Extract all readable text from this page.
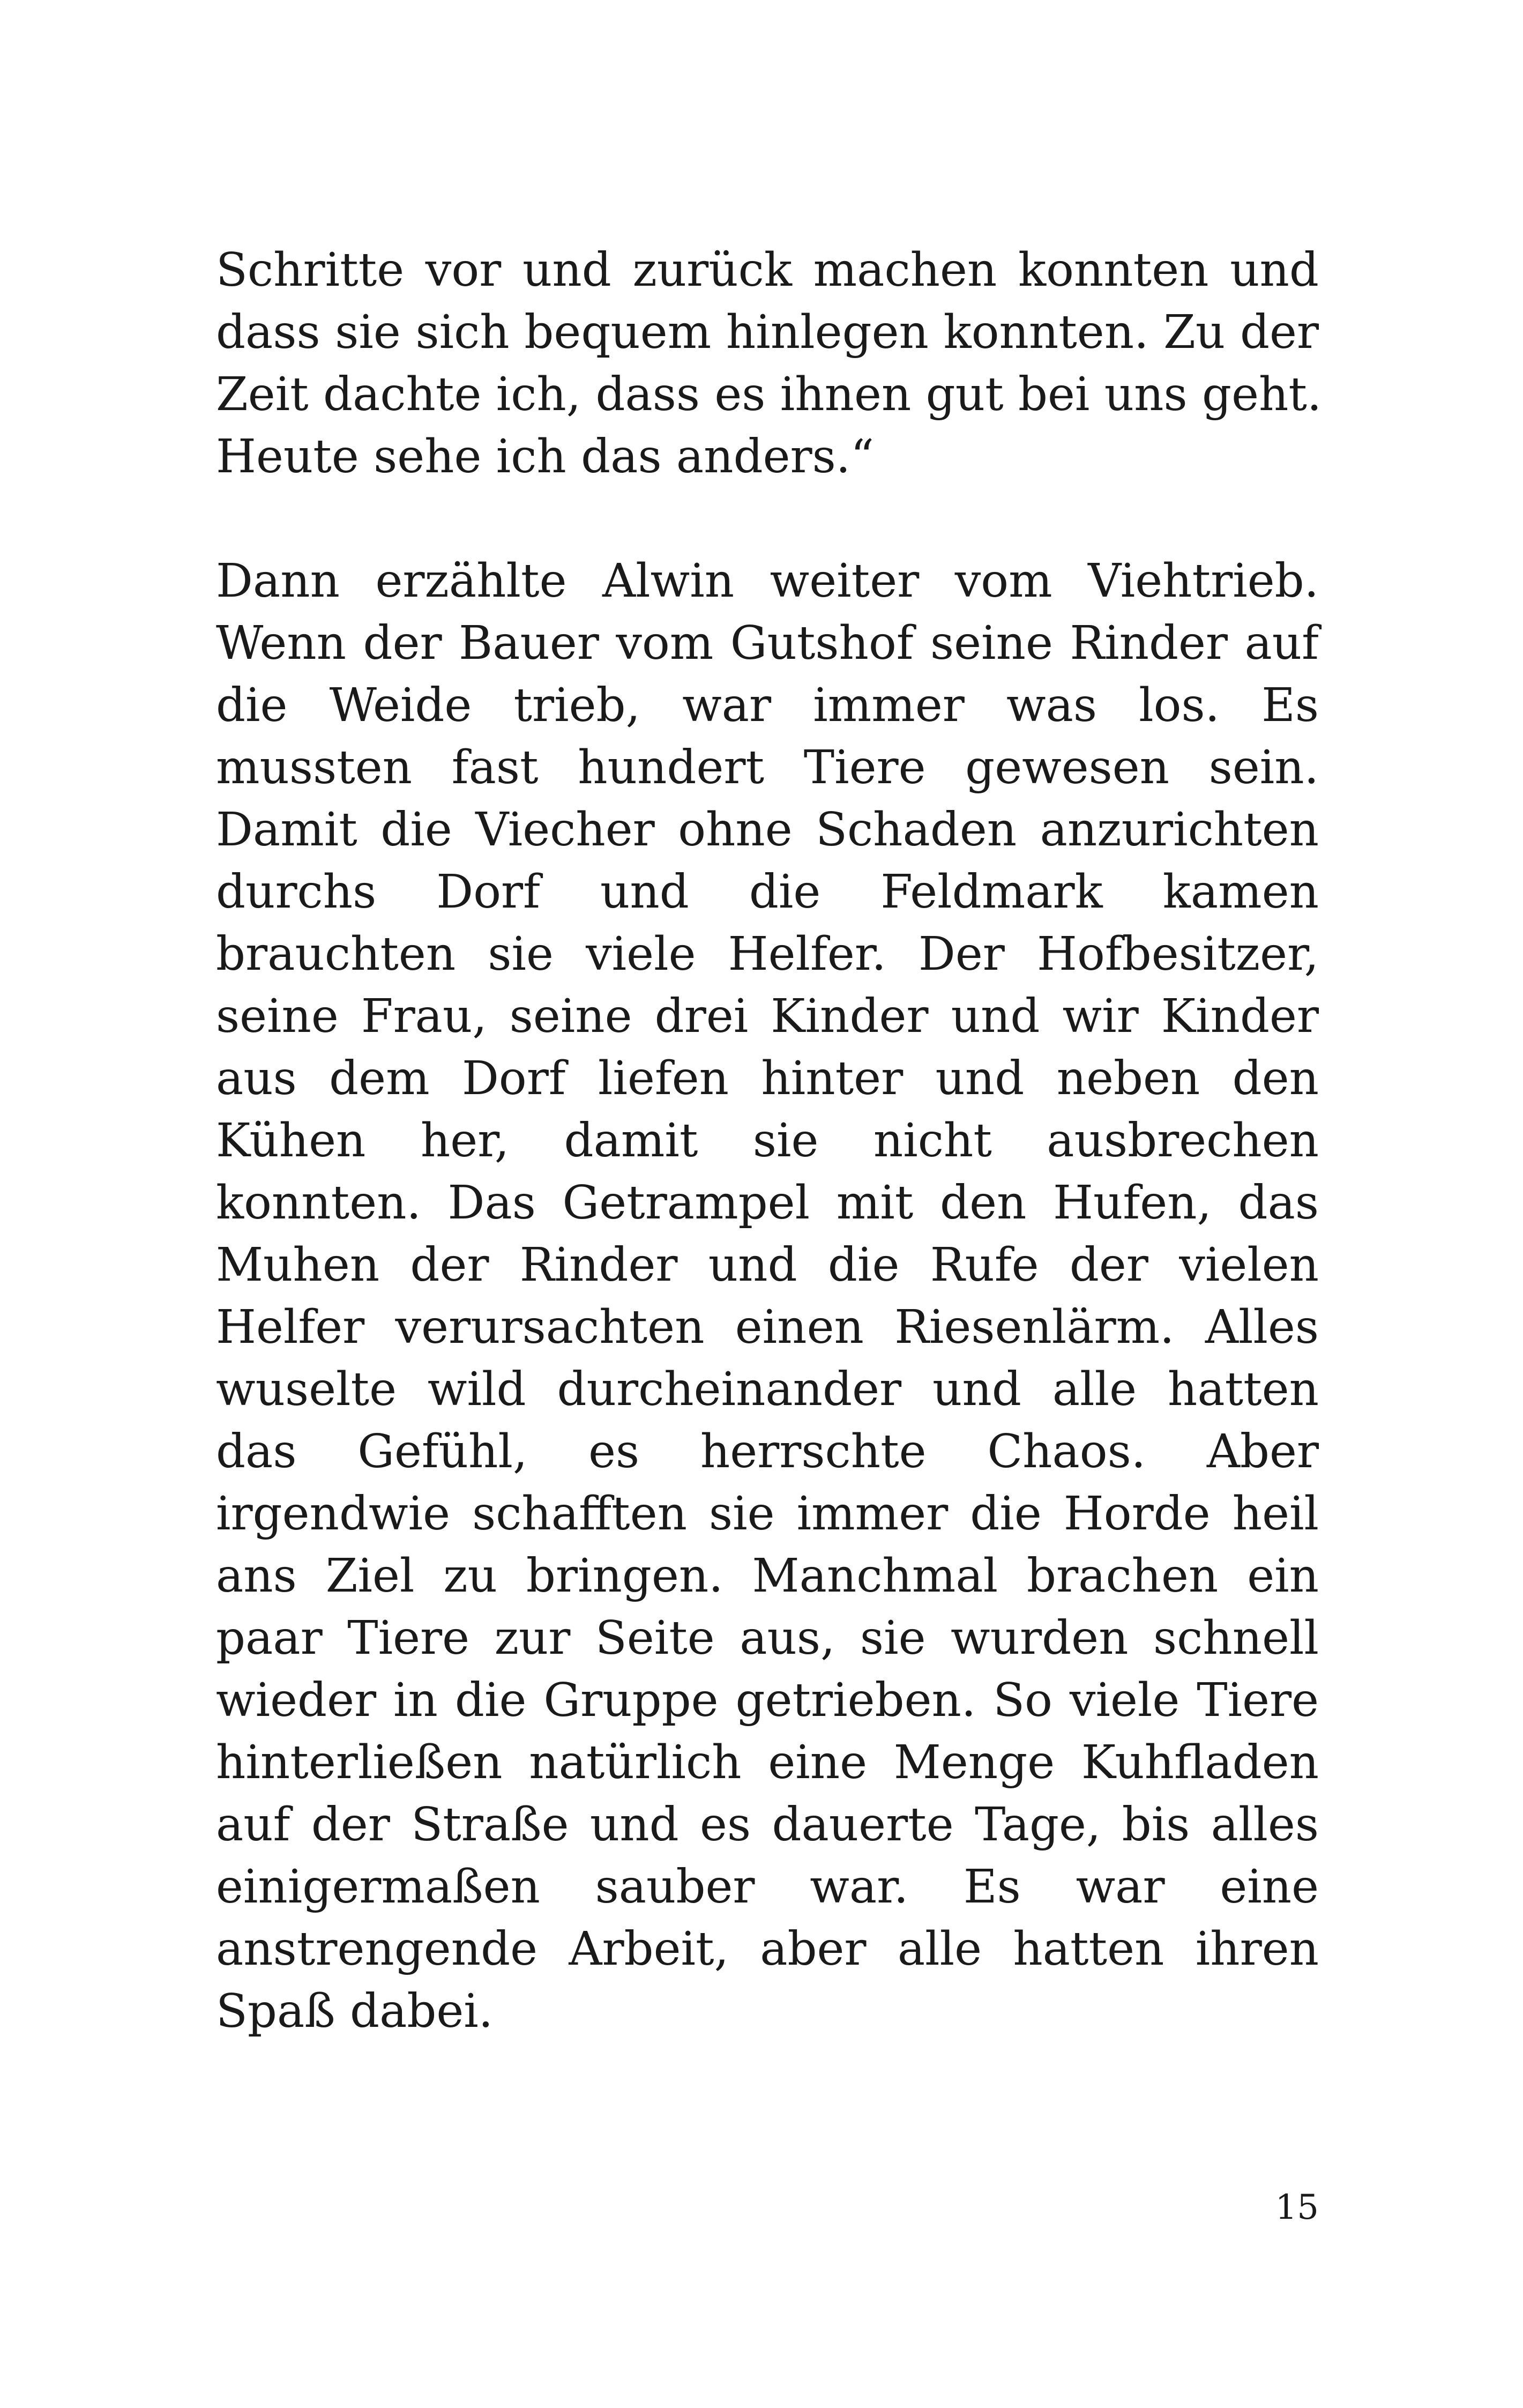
Schritte vor und zurück machen konnten und
dass sie sich bequem hinlegen konnten. Zu der
Zeit dachte ich, dass es ihnen gut bei uns geht.
Heute sehe ich das anders.“
Dann erzählte Alwin weiter vom Viehtrieb.
Wenn der Bauer vom Gutshof seine Rinder auf
die Weide trieb, war immer was los. Es
mussten fast hundert Tiere gewesen sein.
Damit die Viecher ohne Schaden anzurichten
durchs Dorf und die Feldmark kamen
brauchten sie viele Helfer. Der Hofbesitzer,
seine Frau, seine drei Kinder und wir Kinder
aus dem Dorf liefen hinter und neben den
Kühen her, damit sie nicht ausbrechen
konnten. Das Getrampel mit den Hufen, das
Muhen der Rinder und die Rufe der vielen
Helfer verursachten einen Riesenlärm. Alles
wuselte wild durcheinander und alle hatten
das Gefühl, es herrschte Chaos. Aber
irgendwie schafften sie immer die Horde heil
ans Ziel zu bringen. Manchmal brachen ein
paar Tiere zur Seite aus, sie wurden schnell
wieder in die Gruppe getrieben. So viele Tiere
hinterließen natürlich eine Menge Kuhfladen
auf der Straße und es dauerte Tage, bis alles
einigermaßen sauber war. Es war eine
anstrengende Arbeit, aber alle hatten ihren
Spaß dabei.
15
